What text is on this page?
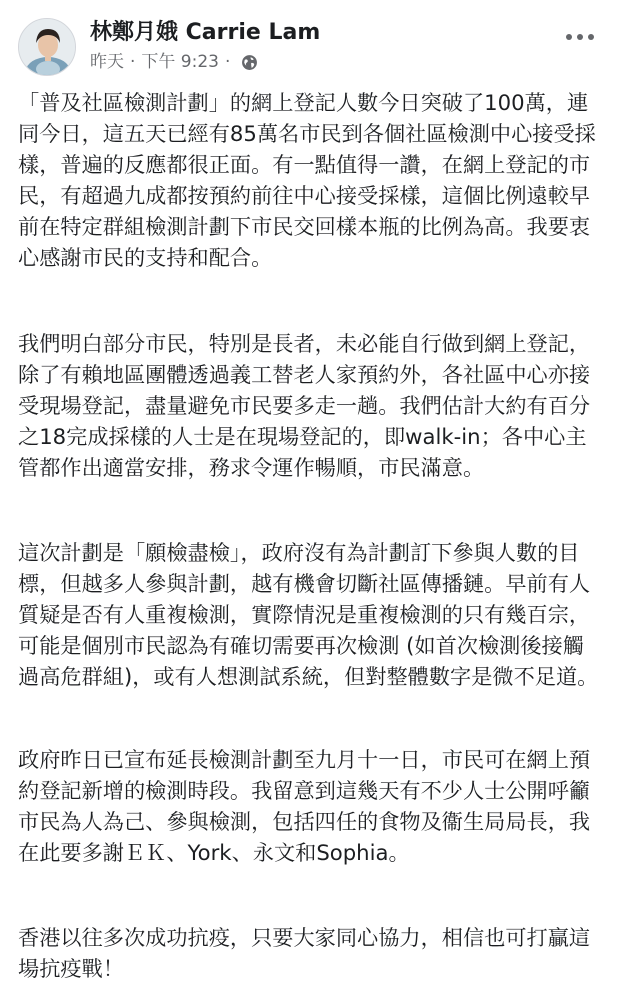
林鄭月娥 Carrie Lam
昨天 · 下午 9:23 ·

「普及社區檢測計劃」的網上登記人數今日突破了100萬，連同今日，這五天已經有85萬名市民到各個社區檢測中心接受採樣，普遍的反應都很正面。有一點值得一讚，在網上登記的市民，有超過九成都按預約前往中心接受採樣，這個比例遠較早前在特定群組檢測計劃下市民交回樣本瓶的比例為高。我要衷心感謝市民的支持和配合。

我們明白部分市民，特別是長者，未必能自行做到網上登記，除了有賴地區團體透過義工替老人家預約外，各社區中心亦接受現場登記，盡量避免市民要多走一趟。我們估計大約有百分之18完成採樣的人士是在現場登記的，即walk-in；各中心主管都作出適當安排，務求令運作暢順，市民滿意。

這次計劃是「願檢盡檢」，政府沒有為計劃訂下參與人數的目標，但越多人參與計劃，越有機會切斷社區傳播鏈。早前有人質疑是否有人重複檢測，實際情況是重複檢測的只有幾百宗，可能是個別市民認為有確切需要再次檢測 (如首次檢測後接觸過高危群組)，或有人想測試系統，但對整體數字是微不足道。

政府昨日已宣布延長檢測計劃至九月十一日，市民可在網上預約登記新增的檢測時段。我留意到這幾天有不少人士公開呼籲市民為人為己、參與檢測，包括四任的食物及衞生局局長，我在此要多謝ＥＫ、York、永文和Sophia。

香港以往多次成功抗疫，只要大家同心協力，相信也可打贏這場抗疫戰！
